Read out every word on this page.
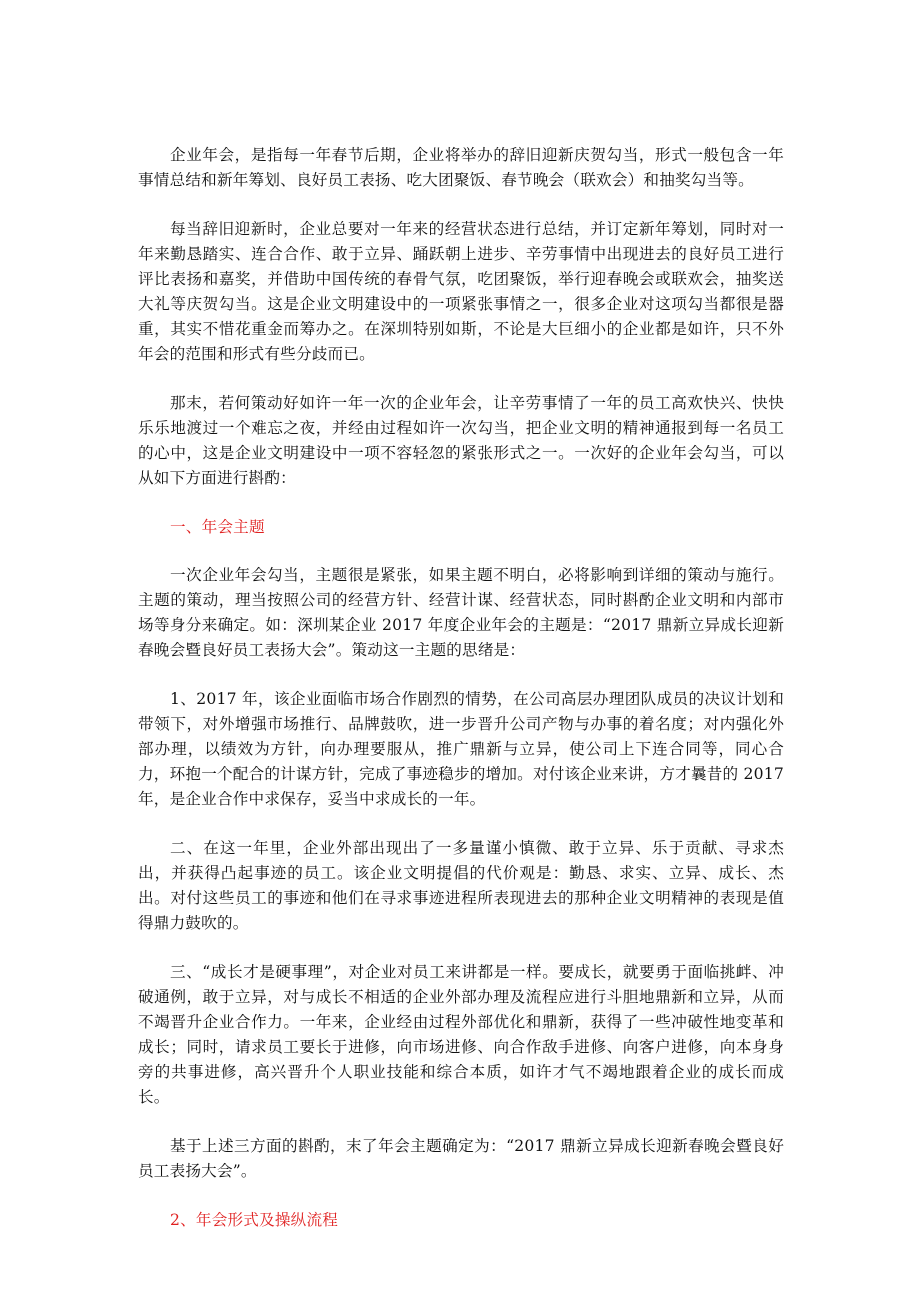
企业年会，是指每一年春节后期，企业将举办的辞旧迎新庆贺勾当，形式一般包含一年事情总结和新年筹划、良好员工表扬、吃大团聚饭、春节晚会（联欢会）和抽奖勾当等。

每当辞旧迎新时，企业总要对一年来的经营状态进行总结，并订定新年筹划，同时对一年来勤恳踏实、连合合作、敢于立异、踊跃朝上进步、辛劳事情中出现进去的良好员工进行评比表扬和嘉奖，并借助中国传统的春骨气氛，吃团聚饭，举行迎春晚会或联欢会，抽奖送大礼等庆贺勾当。这是企业文明建设中的一项紧张事情之一，很多企业对这项勾当都很是器重，其实不惜花重金而筹办之。在深圳特别如斯，不论是大巨细小的企业都是如许，只不外年会的范围和形式有些分歧而已。

那末，若何策动好如许一年一次的企业年会，让辛劳事情了一年的员工高欢快兴、快快乐乐地渡过一个难忘之夜，并经由过程如许一次勾当，把企业文明的精神通报到每一名员工的心中，这是企业文明建设中一项不容轻忽的紧张形式之一。一次好的企业年会勾当，可以从如下方面进行斟酌：

一、年会主题

一次企业年会勾当，主题很是紧张，如果主题不明白，必将影响到详细的策动与施行。主题的策动，理当按照公司的经营方针、经营计谋、经营状态，同时斟酌企业文明和内部市场等身分来确定。如：深圳某企业 2017 年度企业年会的主题是：“2017 鼎新立异成长迎新春晚会暨良好员工表扬大会”。策动这一主题的思绪是：

1、2017 年，该企业面临市场合作剧烈的情势，在公司高层办理团队成员的决议计划和带领下，对外增强市场推行、品牌鼓吹，进一步晋升公司产物与办事的着名度；对内强化外部办理，以绩效为方针，向办理要服从，推广鼎新与立异，使公司上下连合同等，同心合力，环抱一个配合的计谋方针，完成了事迹稳步的增加。对付该企业来讲，方才曩昔的 2017 年，是企业合作中求保存，妥当中求成长的一年。

二、在这一年里，企业外部出现出了一多量谨小慎微、敢于立异、乐于贡献、寻求杰出，并获得凸起事迹的员工。该企业文明提倡的代价观是：勤恳、求实、立异、成长、杰出。对付这些员工的事迹和他们在寻求事迹进程所表现进去的那种企业文明精神的表现是值得鼎力鼓吹的。

三、“成长才是硬事理”，对企业对员工来讲都是一样。要成长，就要勇于面临挑衅、冲破通例，敢于立异，对与成长不相适的企业外部办理及流程应进行斗胆地鼎新和立异，从而不竭晋升企业合作力。一年来，企业经由过程外部优化和鼎新，获得了一些冲破性地变革和成长；同时，请求员工要长于进修，向市场进修、向合作敌手进修、向客户进修，向本身身旁的共事进修，高兴晋升个人职业技能和综合本质，如许才气不竭地跟着企业的成长而成长。

基于上述三方面的斟酌，末了年会主题确定为：“2017 鼎新立异成长迎新春晚会暨良好员工表扬大会”。

2、年会形式及操纵流程
